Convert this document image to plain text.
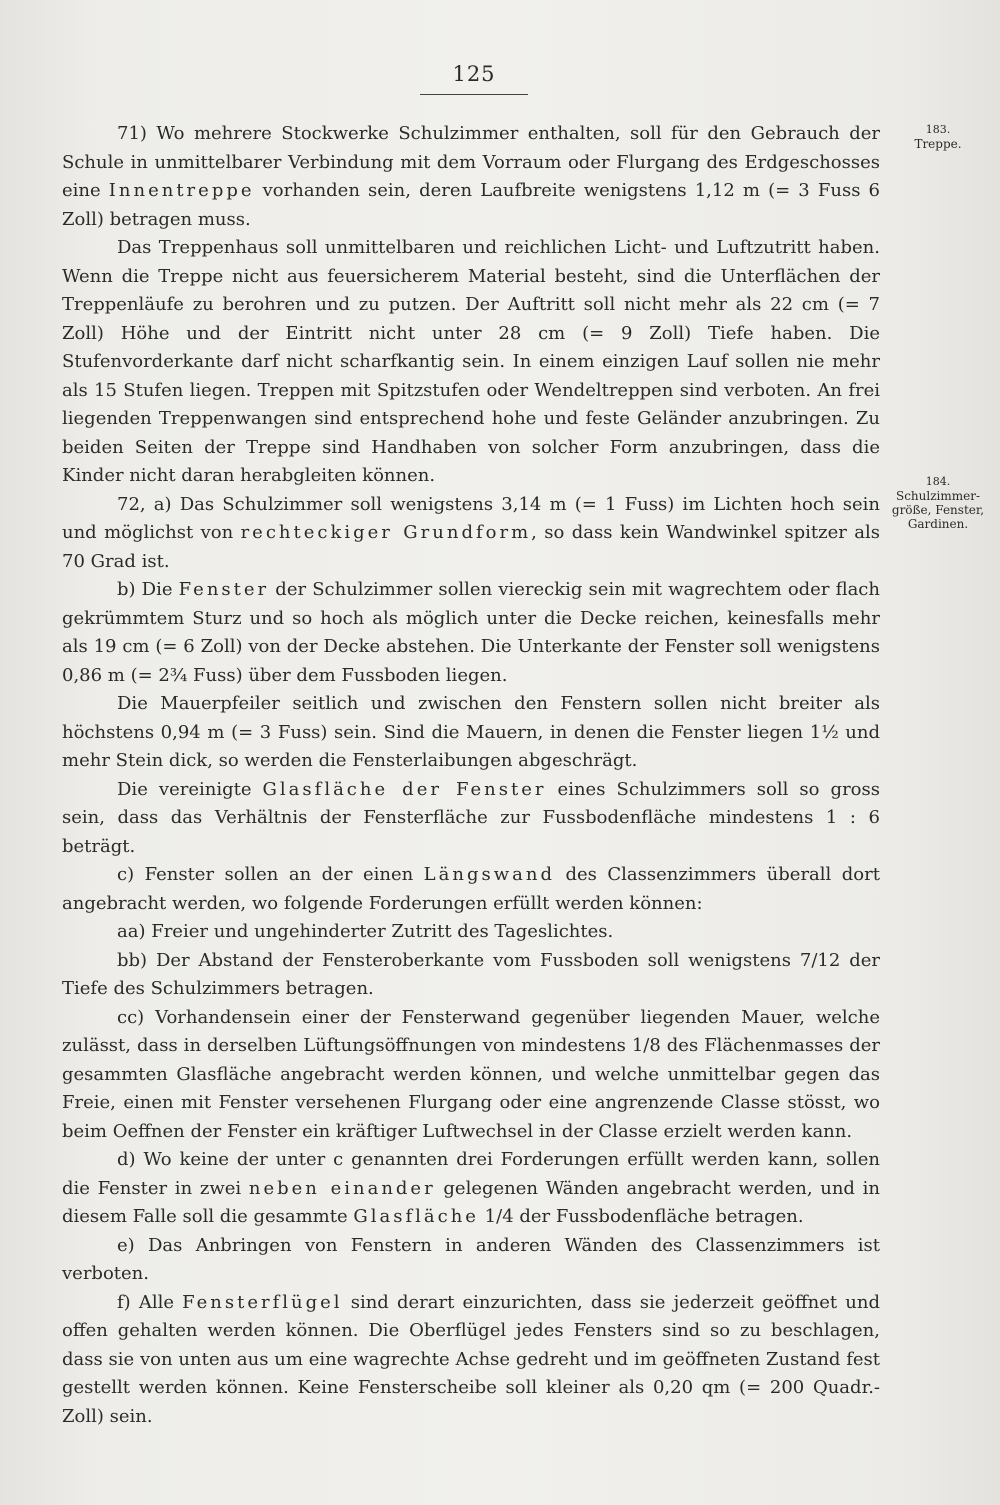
125
183.
Treppe.
184.
Schulzimmer-größe, Fenster, Gardinen.

71) Wo mehrere Stockwerke Schulzimmer enthalten, soll für den Gebrauch der Schule in unmittelbarer Verbindung mit dem Vorraum oder Flurgang des Erdgeschosses eine Innentreppe vorhanden sein, deren Laufbreite wenigstens 1,12 m (= 3 Fuss 6 Zoll) betragen muss.

Das Treppenhaus soll unmittelbaren und reichlichen Licht- und Luftzutritt haben. Wenn die Treppe nicht aus feuersicherem Material besteht, sind die Unterflächen der Treppenläufe zu berohren und zu putzen. Der Auftritt soll nicht mehr als 22 cm (= 7 Zoll) Höhe und der Eintritt nicht unter 28 cm (= 9 Zoll) Tiefe haben. Die Stufenvorderkante darf nicht scharfkantig sein. In einem einzigen Lauf sollen nie mehr als 15 Stufen liegen. Treppen mit Spitzstufen oder Wendeltreppen sind verboten. An frei liegenden Treppenwangen sind entsprechend hohe und feste Geländer anzubringen. Zu beiden Seiten der Treppe sind Handhaben von solcher Form anzubringen, dass die Kinder nicht daran herabgleiten können.

72, a) Das Schulzimmer soll wenigstens 3,14 m (= 1 Fuss) im Lichten hoch sein und möglichst von rechteckiger Grundform, so dass kein Wandwinkel spitzer als 70 Grad ist.

b) Die Fenster der Schulzimmer sollen viereckig sein mit wagrechtem oder flach gekrümmtem Sturz und so hoch als möglich unter die Decke reichen, keinesfalls mehr als 19 cm (= 6 Zoll) von der Decke abstehen. Die Unterkante der Fenster soll wenigstens 0,86 m (= 2¾ Fuss) über dem Fussboden liegen.

Die Mauerpfeiler seitlich und zwischen den Fenstern sollen nicht breiter als höchstens 0,94 m (= 3 Fuss) sein. Sind die Mauern, in denen die Fenster liegen 1½ und mehr Stein dick, so werden die Fensterlaibungen abgeschrägt.

Die vereinigte Glasfläche der Fenster eines Schulzimmers soll so gross sein, dass das Verhältnis der Fensterfläche zur Fussbodenfläche mindestens 1 : 6 beträgt.

c) Fenster sollen an der einen Längswand des Classenzimmers überall dort angebracht werden, wo folgende Forderungen erfüllt werden können:

aa) Freier und ungehinderter Zutritt des Tageslichtes.

bb) Der Abstand der Fensteroberkante vom Fussboden soll wenigstens 7/12 der Tiefe des Schulzimmers betragen.

cc) Vorhandensein einer der Fensterwand gegenüber liegenden Mauer, welche zulässt, dass in derselben Lüftungsöffnungen von mindestens 1/8 des Flächenmasses der gesammten Glasfläche angebracht werden können, und welche unmittelbar gegen das Freie, einen mit Fenster versehenen Flurgang oder eine angrenzende Classe stösst, wo beim Oeffnen der Fenster ein kräftiger Luftwechsel in der Classe erzielt werden kann.

d) Wo keine der unter c genannten drei Forderungen erfüllt werden kann, sollen die Fenster in zwei neben einander gelegenen Wänden angebracht werden, und in diesem Falle soll die gesammte Glasfläche 1/4 der Fussbodenfläche betragen.

e) Das Anbringen von Fenstern in anderen Wänden des Classenzimmers ist verboten.

f) Alle Fensterflügel sind derart einzurichten, dass sie jederzeit geöffnet und offen gehalten werden können. Die Oberflügel jedes Fensters sind so zu beschlagen, dass sie von unten aus um eine wagrechte Achse gedreht und im geöffneten Zustand fest gestellt werden können. Keine Fensterscheibe soll kleiner als 0,20 qm (= 200 Quadr.-Zoll) sein.
